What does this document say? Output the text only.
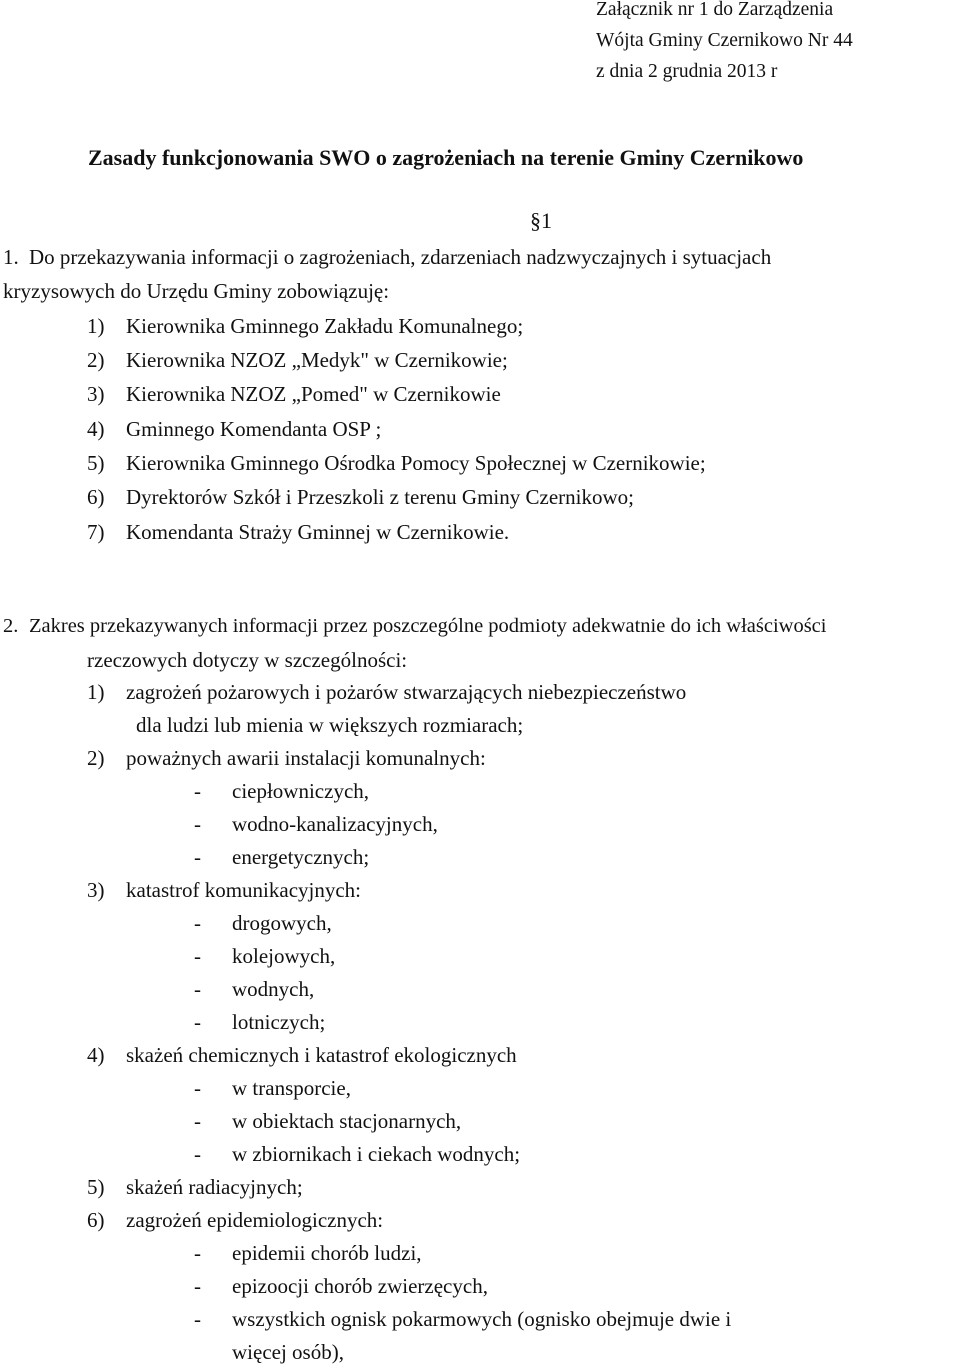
Załącznik nr 1 do Zarządzenia
Wójta Gminy Czernikowo Nr 44
z dnia 2 grudnia 2013 r
Zasady funkcjonowania SWO o zagrożeniach na terenie Gminy Czernikowo
§1
1. Do przekazywania informacji o zagrożeniach, zdarzeniach nadzwyczajnych i sytuacjach
kryzysowych do Urzędu Gminy zobowiązuję:
1) Kierownika Gminnego Zakładu Komunalnego;
2) Kierownika NZOZ „Medyk" w Czernikowie;
3) Kierownika NZOZ „Pomed" w Czernikowie
4) Gminnego Komendanta OSP ;
5) Kierownika Gminnego Ośrodka Pomocy Społecznej w Czernikowie;
6) Dyrektorów Szkół i Przeszkoli z terenu Gminy Czernikowo;
7) Komendanta Straży Gminnej w Czernikowie.
2. Zakres przekazywanych informacji przez poszczególne podmioty adekwatnie do ich właściwości
rzeczowych dotyczy w szczególności:
1) zagrożeń pożarowych i pożarów stwarzających niebezpieczeństwo
dla ludzi lub mienia w większych rozmiarach;
2) poważnych awarii instalacji komunalnych:
- ciepłowniczych,
- wodno-kanalizacyjnych,
- energetycznych;
3) katastrof komunikacyjnych:
- drogowych,
- kolejowych,
- wodnych,
- lotniczych;
4) skażeń chemicznych i katastrof ekologicznych
- w transporcie,
- w obiektach stacjonarnych,
- w zbiornikach i ciekach wodnych;
5) skażeń radiacyjnych;
6) zagrożeń epidemiologicznych:
- epidemii chorób ludzi,
- epizoocji chorób zwierzęcych,
- wszystkich ognisk pokarmowych (ognisko obejmuje dwie i
więcej osób),
